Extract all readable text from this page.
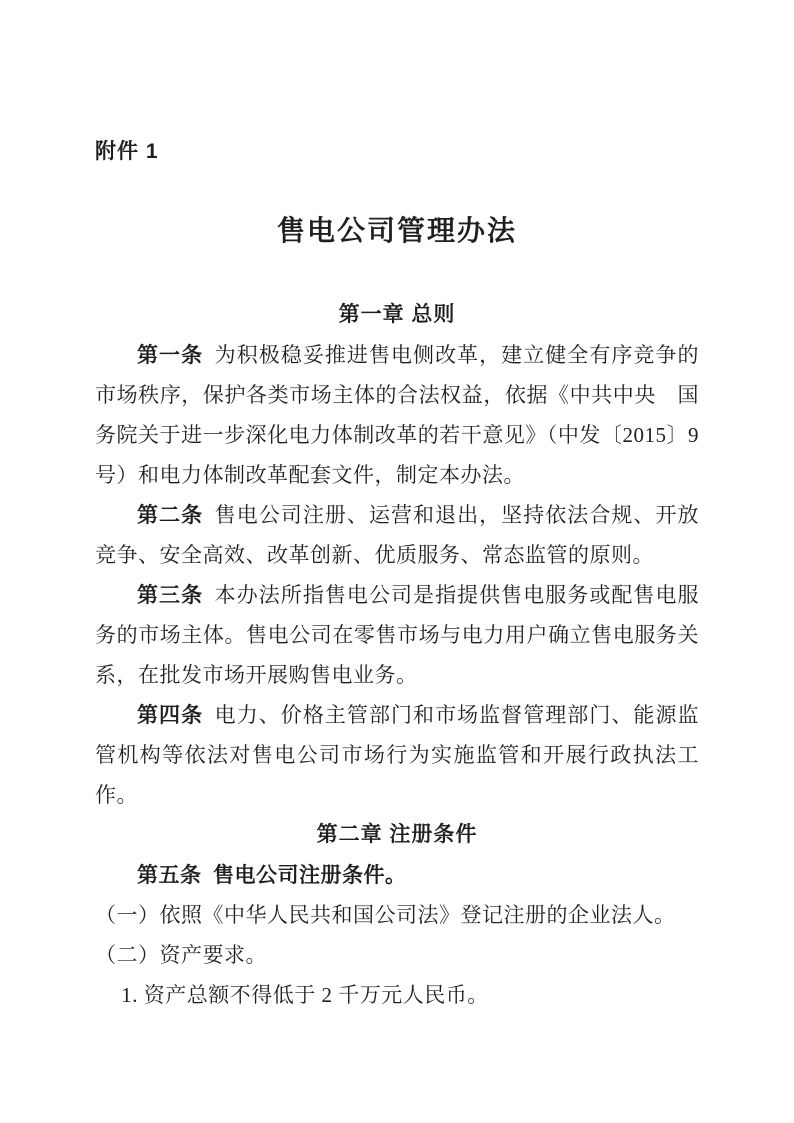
附件 1

售电公司管理办法

第一章 总则

第一条 为积极稳妥推进售电侧改革，建立健全有序竞争的市场秩序，保护各类市场主体的合法权益，依据《中共中央　国务院关于进一步深化电力体制改革的若干意见》（中发〔2015〕9 号）和电力体制改革配套文件，制定本办法。

第二条 售电公司注册、运营和退出，坚持依法合规、开放竞争、安全高效、改革创新、优质服务、常态监管的原则。

第三条 本办法所指售电公司是指提供售电服务或配售电服务的市场主体。售电公司在零售市场与电力用户确立售电服务关系，在批发市场开展购售电业务。

第四条 电力、价格主管部门和市场监督管理部门、能源监管机构等依法对售电公司市场行为实施监管和开展行政执法工作。

第二章 注册条件

第五条 售电公司注册条件。

（一）依照《中华人民共和国公司法》登记注册的企业法人。

（二）资产要求。

1. 资产总额不得低于 2 千万元人民币。
